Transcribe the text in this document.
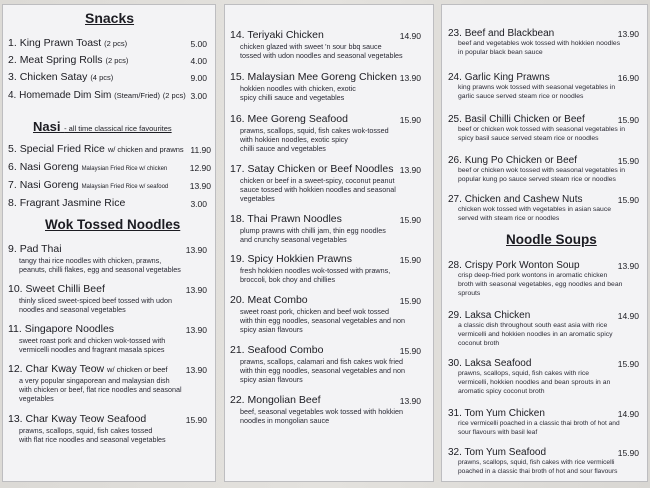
Snacks
1. King Prawn Toast (2 pcs)	5.00
2. Meat Spring Rolls (2 pcs)	4.00
3. Chicken Satay (4 pcs)	9.00
4. Homemade Dim Sim (Steam/Fried) (2 pcs) 3.00
Nasi - all time classical rice favourites
5. Special Fried Rice w/ chicken and prawns 11.90
6. Nasi Goreng Malaysian Fried Rice w/ chicken	12.90
7. Nasi Goreng Malaysian Fried Rice w/ seafood	13.90
8. Fragrant Jasmine Rice	3.00
Wok Tossed Noodles
9. Pad Thai	13.90
tangy thai rice noodles with chicken, prawns,
peanuts, chilli flakes, egg and seasonal vegetables
10. Sweet Chilli Beef	13.90
thinly sliced sweet-spiced beef tossed with udon
noodles and seasonal vegetables
11. Singapore Noodles	13.90
sweet roast pork and chicken wok-tossed with
vermicelli noodles and fragrant masala spices
12. Char Kway Teow w/ chicken or beef 13.90
a very popular singaporean and malaysian dish
with chicken or beef, flat rice noodles and seasonal
vegetables
13. Char Kway Teow Seafood	15.90
prawns, scallops, squid, fish cakes tossed
with flat rice noodles and seasonal vegetables
14. Teriyaki Chicken	14.90
chicken glazed with sweet 'n sour bbq sauce
tossed with udon noodles and seasonal vegetables
15. Malaysian Mee Goreng Chicken 13.90
hokkien noodles with chicken, exotic
spicy chilli sauce and vegetables
16. Mee Goreng Seafood	15.90
prawns, scallops, squid, fish cakes wok-tossed
with hokkien noodles, exotic spicy
chilli sauce and vegetables
17. Satay Chicken or Beef Noodles 13.90
chicken or beef in a sweet-spicy, coconut peanut
sauce tossed with hokkien noodles and seasonal
vegetables
18. Thai Prawn Noodles	15.90
plump prawns with chilli jam, thin egg noodles
and crunchy seasonal vegetables
19. Spicy Hokkien Prawns	15.90
fresh hokkien noodles wok-tossed with prawns,
broccoli, bok choy and chillies
20. Meat Combo	15.90
sweet roast pork, chicken and beef wok tossed
with thin egg noodles, seasonal vegetables and non
spicy asian flavours
21. Seafood Combo	15.90
prawns, scallops, calamari and fish cakes wok fried
with thin egg noodles, seasonal vegetables and non
spicy asian flavours
22. Mongolian Beef	13.90
beef, seasonal vegetables wok tossed with hokkien
noodles in mongolian sauce
23. Beef and Blackbean	13.90
beef and vegetables wok tossed with hokkien noodles
in popular black bean sauce
24. Garlic King Prawns	16.90
king prawns wok tossed with seasonal vegetables in
garlic sauce served steam rice or noodles
25. Basil Chilli Chicken or Beef	15.90
beef or chicken wok tossed with seasonal vegetables in
spicy basil sauce served steam rice or noodles
26. Kung Po Chicken or Beef	15.90
beef or chicken wok tossed with seasonal vegetables in
popular kung po sauce served steam rice or noodles
27. Chicken and Cashew Nuts	15.90
chicken wok tossed with vegetables in asian sauce
served with steam rice or noodles
Noodle Soups
28. Crispy Pork Wonton Soup	13.90
crisp deep-fried pork wontons in aromatic chicken
broth with seasonal vegetables, egg noodles and bean
sprouts
29. Laksa Chicken	14.90
a classic dish throughout south east asia with rice
vermicelli and hokkien noodles in an aromatic spicy
coconut broth
30. Laksa Seafood	15.90
prawns, scallops, squid, fish cakes with rice
vermicelli, hokkien noodles and bean sprouts in an
aromatic spicy coconut broth
31. Tom Yum Chicken	14.90
rice vermicelli poached in a classic thai broth of hot and
sour flavours with basil leaf
32. Tom Yum Seafood	15.90
prawns, scallops, squid, fish cakes with rice vermicelli
poached in a classic thai broth of hot and sour flavours
